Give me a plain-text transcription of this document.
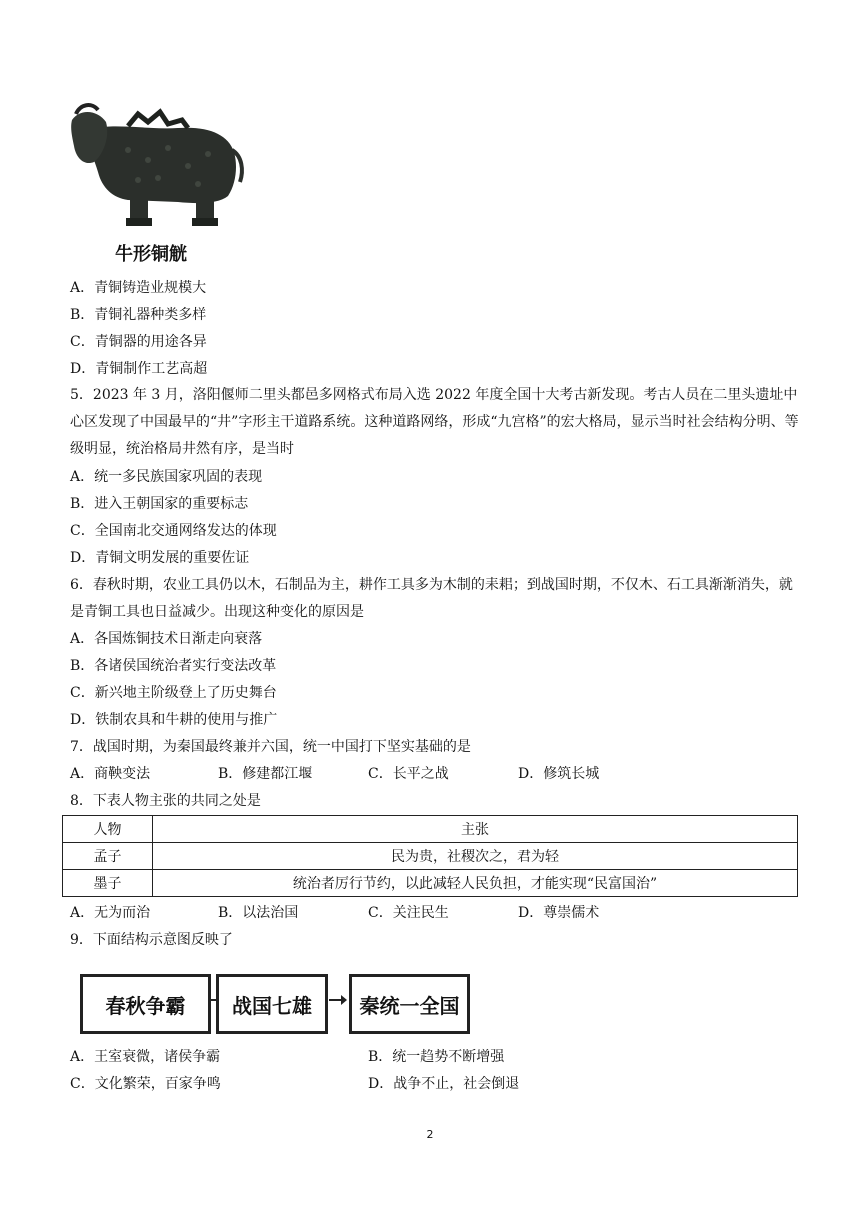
牛形铜觥
A．青铜铸造业规模大
B．青铜礼器种类多样
C．青铜器的用途各异
D．青铜制作工艺高超
5．2023 年 3 月，洛阳偃师二里头都邑多网格式布局入选 2022 年度全国十大考古新发现。考古人员在二里头遗址中心区发现了中国最早的“井”字形主干道路系统。这种道路网络，形成“九宫格”的宏大格局，显示当时社会结构分明、等级明显，统治格局井然有序，是当时
A．统一多民族国家巩固的表现
B．进入王朝国家的重要标志
C．全国南北交通网络发达的体现
D．青铜文明发展的重要佐证
6．春秋时期，农业工具仍以木，石制品为主，耕作工具多为木制的耒耜；到战国时期，不仅木、石工具渐渐消失，就是青铜工具也日益减少。出现这种变化的原因是
A．各国炼铜技术日渐走向衰落
B．各诸侯国统治者实行变法改革
C．新兴地主阶级登上了历史舞台
D．铁制农具和牛耕的使用与推广
7．战国时期，为秦国最终兼并六国，统一中国打下坚实基础的是
A．商鞅变法	B．修建都江堰	C．长平之战	D．修筑长城
8．下表人物主张的共同之处是
人物	主张
孟子	民为贵，社稷次之，君为轻
墨子	统治者厉行节约，以此减轻人民负担，才能实现“民富国治”
A．无为而治	B．以法治国	C．关注民生	D．尊崇儒术
9．下面结构示意图反映了
春秋争霸	战国七雄	秦统一全国
A．王室衰微，诸侯争霸	B．统一趋势不断增强
C．文化繁荣，百家争鸣	D．战争不止，社会倒退
2
